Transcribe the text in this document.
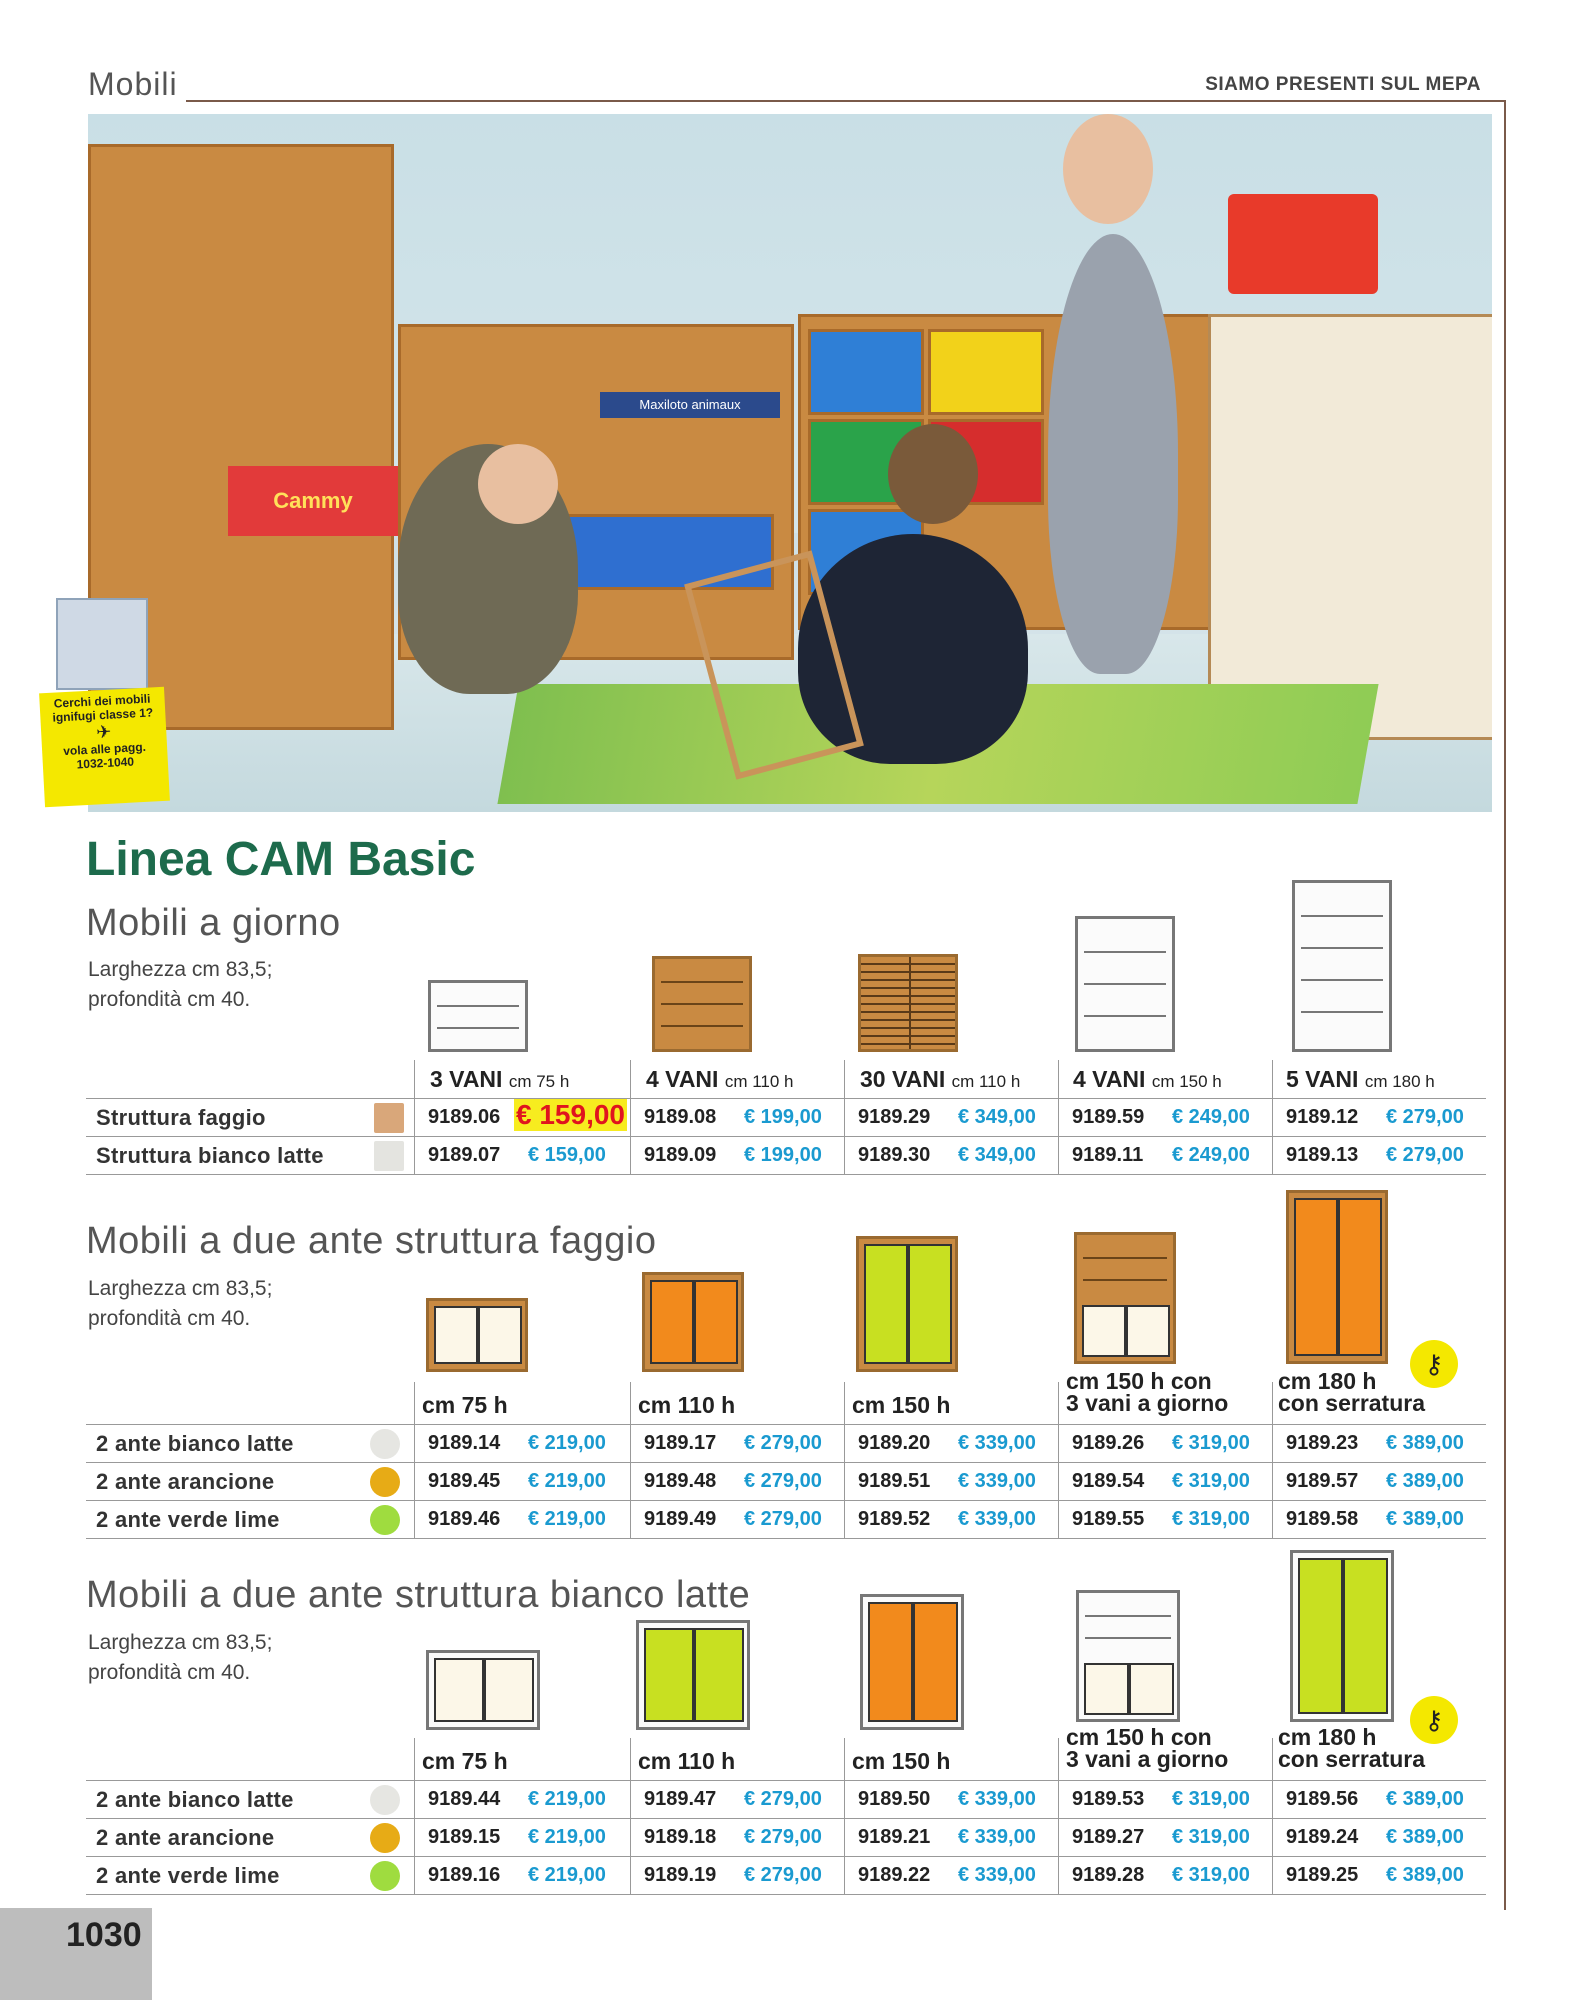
Mobili	SIAMO PRESENTI SUL MEPA
Maxiloto animaux
Cammy
Cerchi dei mobili
ignifugi classe 1?
✈
vola alle pagg.
1032-1040
Linea CAM Basic
Mobili a giorno
Larghezza cm 83,5;
profondità cm 40.
3 VANI cm 75 h	4 VANI cm 110 h	30 VANI cm 110 h 4 VANI cm 150 h	5 VANI cm 180 h
Mobili a due ante struttura faggio
Larghezza cm 83,5;
profondità cm 40.
⚷
cm 75 h	cm 110 h	cm 150 h
cm 150 h con
3 vani a giorno
cm 180 h
con serratura
Mobili a due ante struttura bianco latte
Larghezza cm 83,5;
profondità cm 40.
⚷
cm 75 h	cm 110 h	cm 150 h
cm 150 h con
3 vani a giorno
cm 180 h
con serratura
1030
Struttura faggio	9189.06 € 159,00 9189.08 € 199,00 9189.29 € 349,00 9189.59 € 249,00 9189.12 € 279,00
Struttura bianco latte	9189.07 € 159,00 9189.09 € 199,00 9189.30 € 349,00 9189.11 € 249,00 9189.13 € 279,00
2 ante bianco latte	9189.14 € 219,00 9189.17 € 279,00 9189.20 € 339,00 9189.26 € 319,00 9189.23 € 389,00
2 ante arancione	9189.45 € 219,00 9189.48 € 279,00 9189.51 € 339,00 9189.54 € 319,00 9189.57 € 389,00
2 ante verde lime	9189.46 € 219,00 9189.49 € 279,00 9189.52 € 339,00 9189.55 € 319,00 9189.58 € 389,00
2 ante bianco latte	9189.44 € 219,00 9189.47 € 279,00 9189.50 € 339,00 9189.53 € 319,00 9189.56 € 389,00
2 ante arancione	9189.15 € 219,00 9189.18 € 279,00 9189.21 € 339,00 9189.27 € 319,00 9189.24 € 389,00
2 ante verde lime	9189.16 € 219,00 9189.19 € 279,00 9189.22 € 339,00 9189.28 € 319,00 9189.25 € 389,00
